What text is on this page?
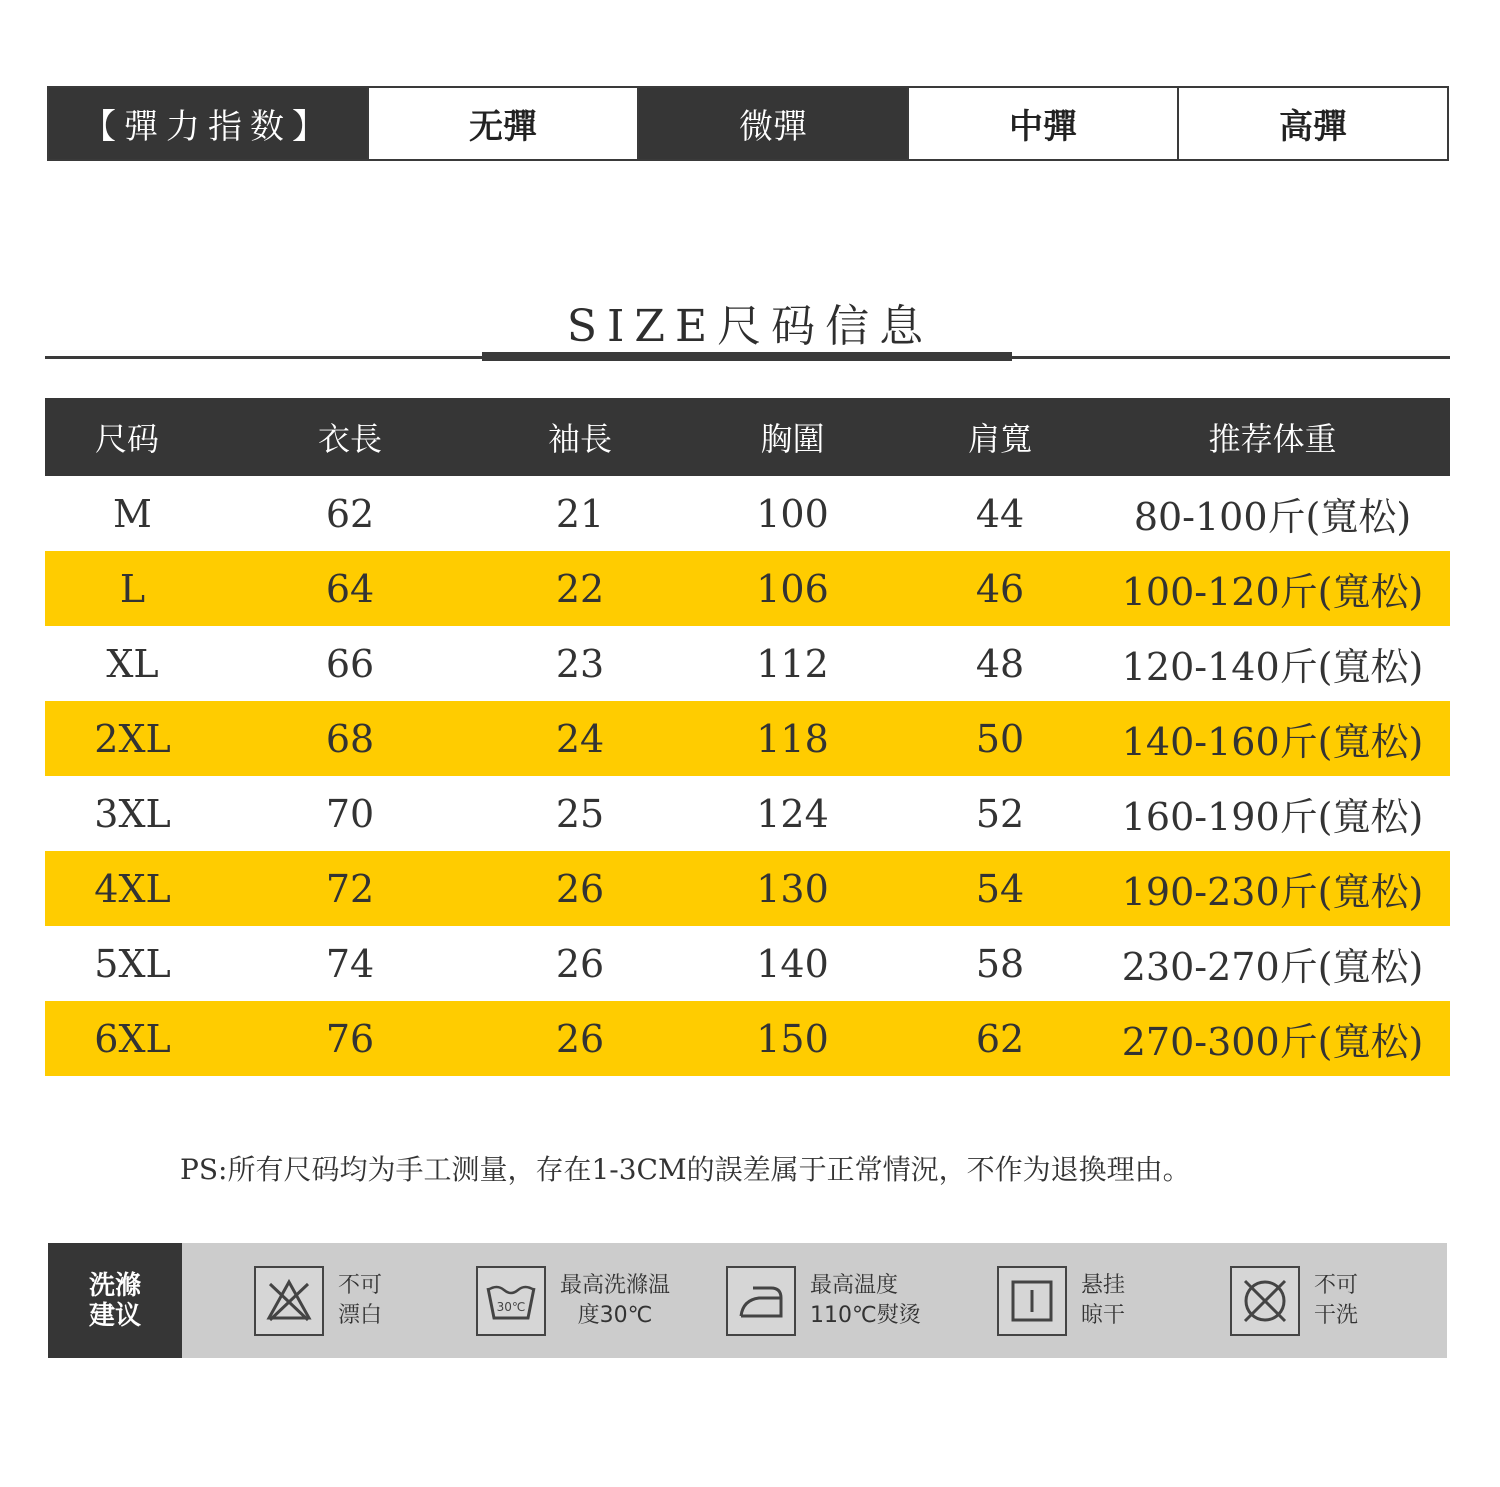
【彈力指数】	无彈	微彈	中彈	高彈
SIZE尺码信息
尺码	衣長	袖長	胸圍	肩寬	推荐体重
M	62	21	100	44	80-100斤(寬松)
L	64	22	106	46	100-120斤(寬松)
XL	66	23	112	48	120-140斤(寬松)
2XL	68	24	118	50	140-160斤(寬松)
3XL	70	25	124	52	160-190斤(寬松)
4XL	72	26	130	54	190-230斤(寬松)
5XL	74	26	140	58	230-270斤(寬松)
6XL	76	26	150	62	270-300斤(寬松)
PS:所有尺码均为手工测量，存在1-3CM的誤差属于正常情況，不作为退換理由。
洗滌
建议
不可
漂白	30℃
最高洗滌温
度30℃
最高温度
110℃熨烫
悬挂
晾干
不可
干洗
